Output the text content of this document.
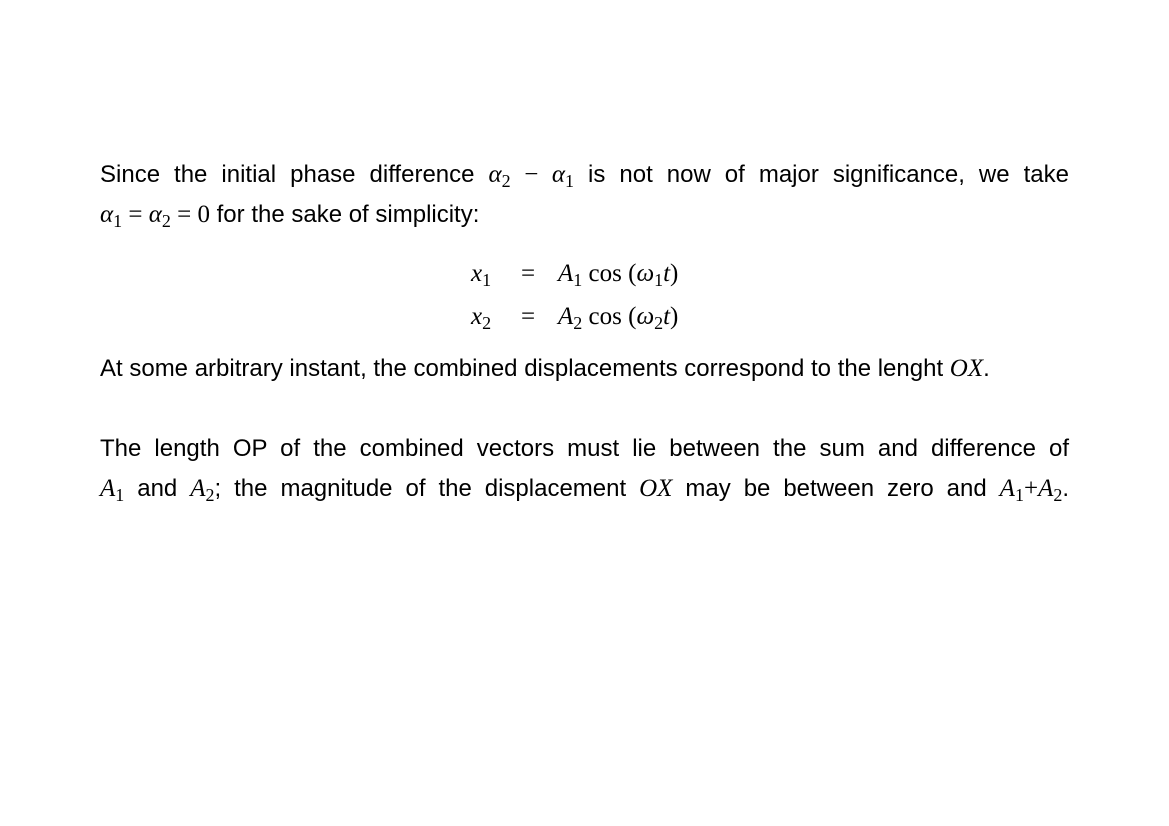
Since the initial phase difference $\alpha_2 - \alpha_1$ is not now of major significance, we take
$\alpha_1 = \alpha_2 = 0$ for the sake of simplicity:
$x_1 = A_1$ $\cos (\omega_1t)$
$x_2 = A_2$ $\cos (\omega_2t)$
At some arbitrary instant, the combined displacements correspond to the lenght OX.
The length OP of the combined vectors must lie between the sum and difference of
$A_1$ and $A_2$; the magnitude of the displacement OX may be between zero and $A_1+A_2$.
